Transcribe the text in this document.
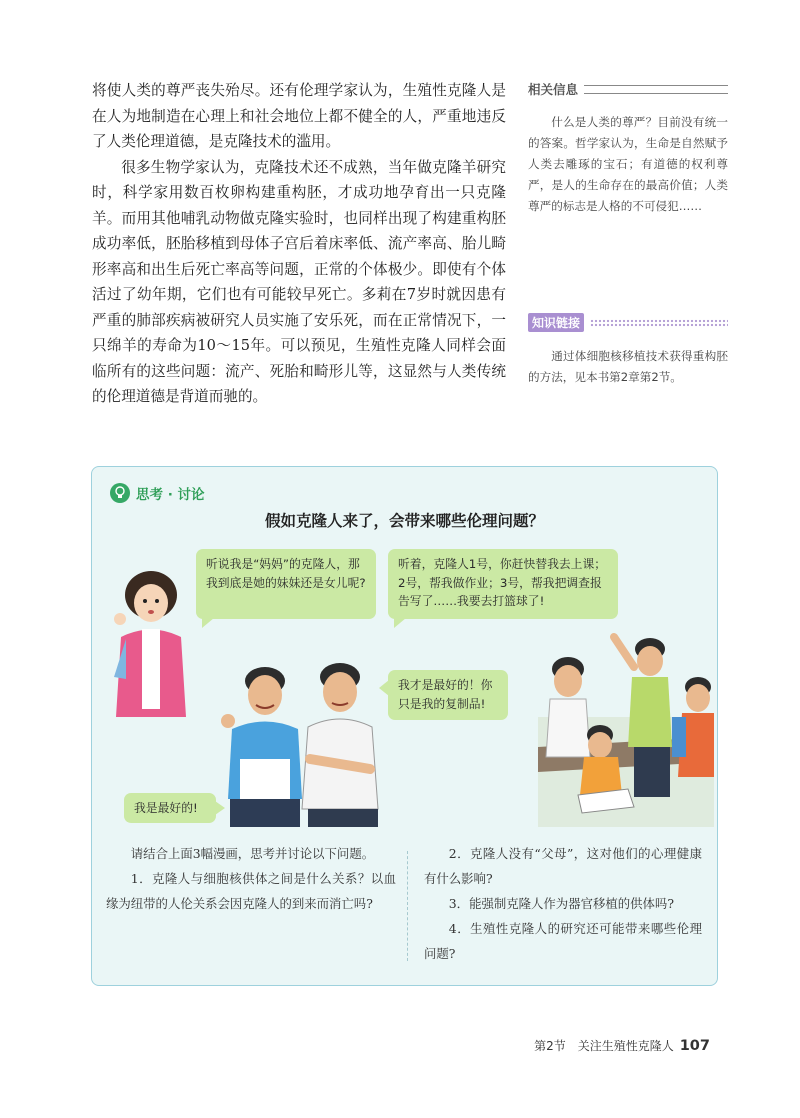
将使人类的尊严丧失殆尽。还有伦理学家认为，生殖性克隆人是在人为地制造在心理上和社会地位上都不健全的人，严重地违反了人类伦理道德，是克隆技术的滥用。

很多生物学家认为，克隆技术还不成熟，当年做克隆羊研究时，科学家用数百枚卵构建重构胚，才成功地孕育出一只克隆羊。而用其他哺乳动物做克隆实验时，也同样出现了构建重构胚成功率低，胚胎移植到母体子宫后着床率低、流产率高、胎儿畸形率高和出生后死亡率高等问题，正常的个体极少。即使有个体活过了幼年期，它们也有可能较早死亡。多莉在7岁时就因患有严重的肺部疾病被研究人员实施了安乐死，而在正常情况下，一只绵羊的寿命为10～15年。可以预见，生殖性克隆人同样会面临所有的这些问题：流产、死胎和畸形儿等，这显然与人类传统的伦理道德是背道而驰的。

相关信息
什么是人类的尊严？目前没有统一的答案。哲学家认为，生命是自然赋予人类去雕琢的宝石；有道德的权利尊严，是人的生命存在的最高价值；人类尊严的标志是人格的不可侵犯……
知识链接
通过体细胞核移植技术获得重构胚的方法，见本书第2章第2节。
思考 · 讨论
假如克隆人来了，会带来哪些伦理问题？
听说我是“妈妈”的克隆人，那我到底是她的妹妹还是女儿呢?
听着，克隆人1号，你赶快替我去上课；2号，帮我做作业；3号，帮我把调查报告写了……我要去打篮球了!
我才是最好的！你只是我的复制品!
我是最好的!

请结合上面3幅漫画，思考并讨论以下问题。

1．克隆人与细胞核供体之间是什么关系？以血缘为纽带的人伦关系会因克隆人的到来而消亡吗?

2．克隆人没有“父母”，这对他们的心理健康有什么影响?

3．能强制克隆人作为器官移植的供体吗?

4．生殖性克隆人的研究还可能带来哪些伦理问题?

第2节　关注生殖性克隆人 107
